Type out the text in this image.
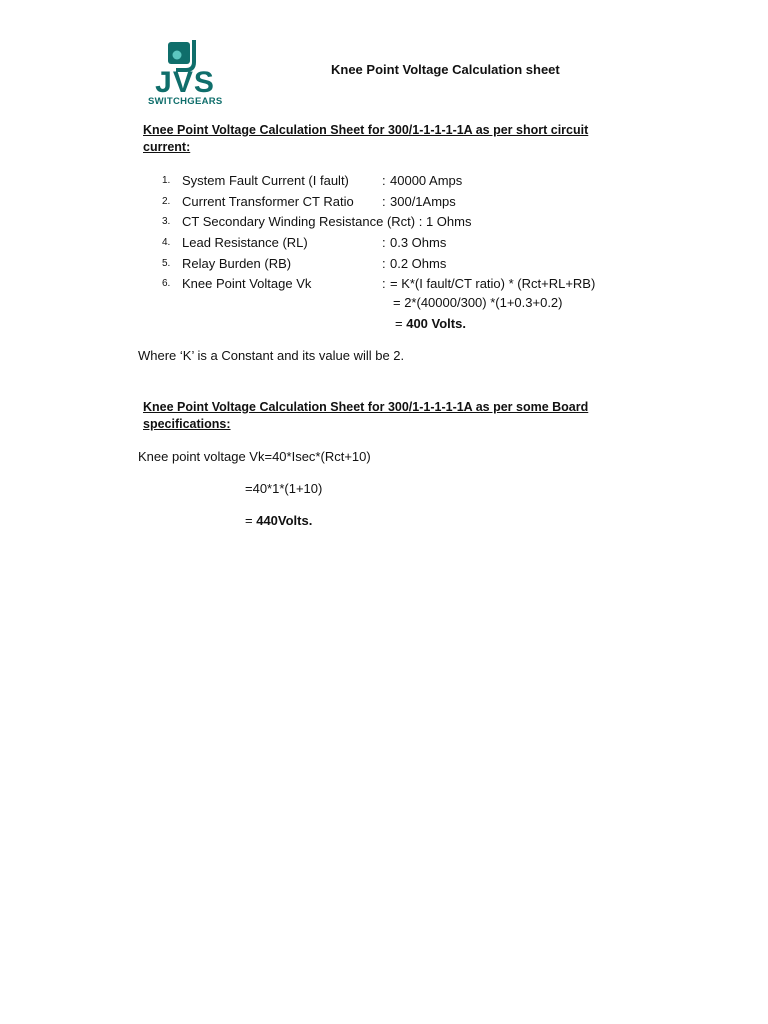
JVS
SWITCHGEARS
Knee Point Voltage Calculation sheet
Knee Point Voltage Calculation Sheet for 300/1-1-1-1-1A as per short circuit current:
1. System Fault Current (I fault)	: 40000 Amps
2. Current Transformer CT Ratio : 300/1Amps
3. CT Secondary Winding Resistance (Rct) : 1 Ohms
4. Lead Resistance (RL)	: 0.3 Ohms
5. Relay Burden (RB)	: 0.2 Ohms
6. Knee Point Voltage Vk	: = K*(I fault/CT ratio) * (Rct+RL+RB)
= 2*(40000/300) *(1+0.3+0.2)
= 400 Volts.
Where ‘K’ is a Constant and its value will be 2.
Knee Point Voltage Calculation Sheet for 300/1-1-1-1-1A as per some Board specifications:
Knee point voltage Vk=40*Isec*(Rct+10)
=40*1*(1+10)
= 440Volts.
